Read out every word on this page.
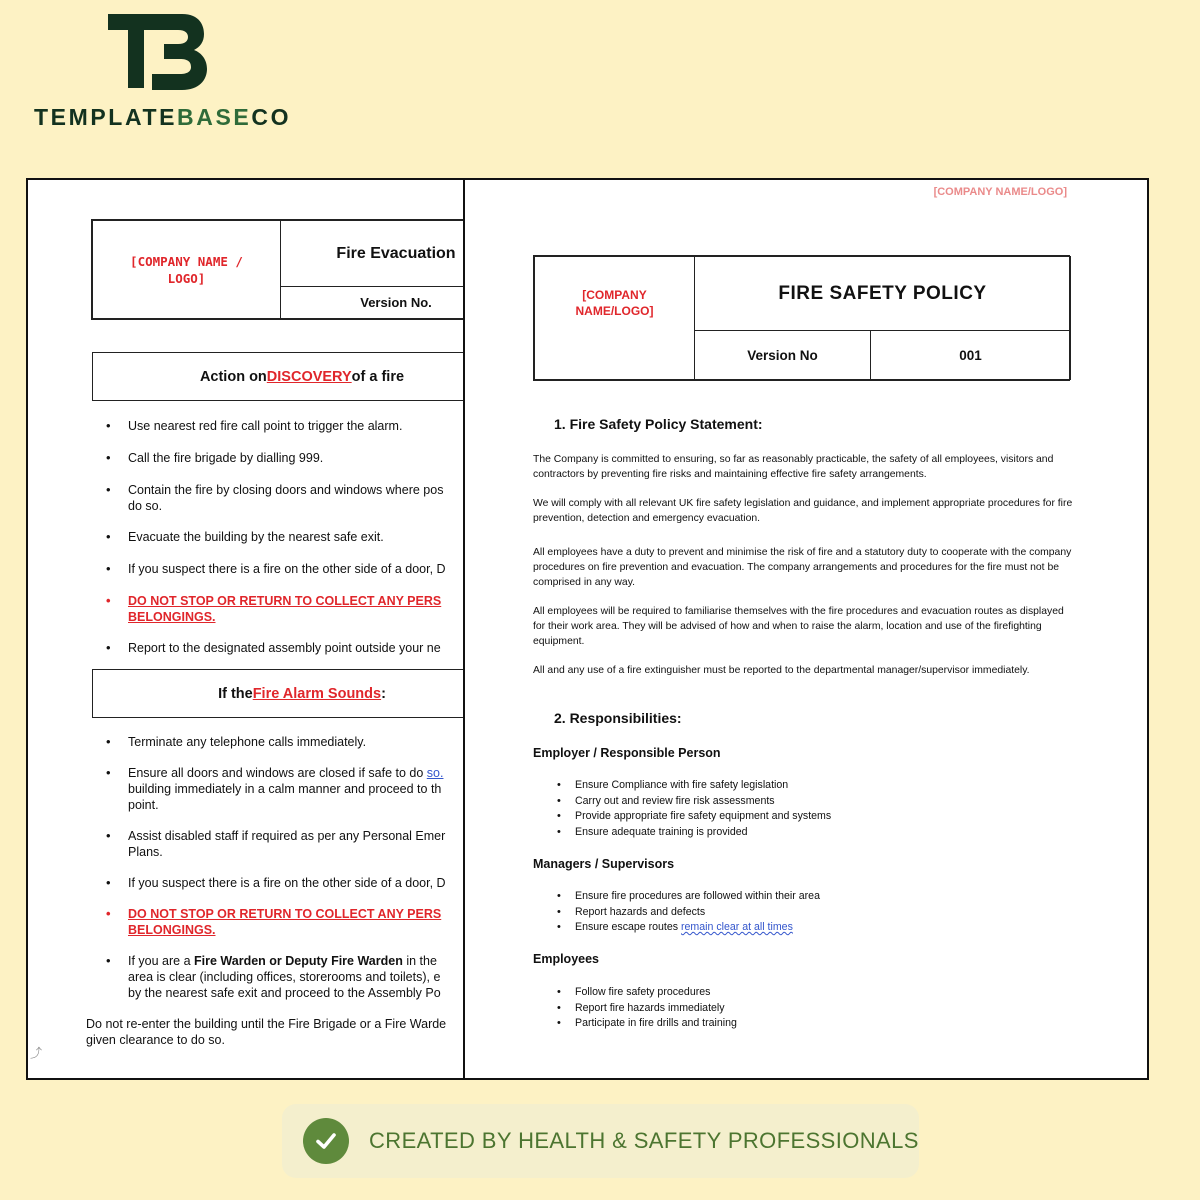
TEMPLATEBASECO
[COMPANY NAME / LOGO]
Fire Evacuation
Version No.
Action on DISCOVERY of a fire
• Use nearest red fire call point to trigger the alarm.
• Call the fire brigade by dialling 999.
• Contain the fire by closing doors and windows where pos do so.
• Evacuate the building by the nearest safe exit.
• If you suspect there is a fire on the other side of a door, D
• DO NOT STOP OR RETURN TO COLLECT ANY PERS BELONGINGS.
• Report to the designated assembly point outside your ne
If the Fire Alarm Sounds :
• Terminate any telephone calls immediately.
• Ensure all doors and windows are closed if safe to do so. building immediately in a calm manner and proceed to th point.
• Assist disabled staff if required as per any Personal Emer Plans.
• If you suspect there is a fire on the other side of a door, D
• DO NOT STOP OR RETURN TO COLLECT ANY PERS BELONGINGS.
• If you are a Fire Warden or Deputy Fire Warden in the area is clear (including offices, storerooms and toilets), e by the nearest safe exit and proceed to the Assembly Po
Do not re-enter the building until the Fire Brigade or a Fire Warde given clearance to do so.
⤴
[COMPANY NAME/LOGO]
[COMPANY NAME/LOGO]
FIRE SAFETY POLICY
Version No	001
1. Fire Safety Policy Statement:

The Company is committed to ensuring, so far as reasonably practicable, the safety of all employees, visitors and contractors by preventing fire risks and maintaining effective fire safety arrangements.

We will comply with all relevant UK fire safety legislation and guidance, and implement appropriate procedures for fire prevention, detection and emergency evacuation.

All employees have a duty to prevent and minimise the risk of fire and a statutory duty to cooperate with the company procedures on fire prevention and evacuation. The company arrangements and procedures for the fire must not be comprised in any way.

All employees will be required to familiarise themselves with the fire procedures and evacuation routes as displayed for their work area. They will be advised of how and when to raise the alarm, location and use of the firefighting equipment.

All and any use of a fire extinguisher must be reported to the departmental manager/supervisor immediately.

2. Responsibilities:
Employer / Responsible Person
• Ensure Compliance with fire safety legislation
• Carry out and review fire risk assessments
• Provide appropriate fire safety equipment and systems
• Ensure adequate training is provided
Managers / Supervisors
• Ensure fire procedures are followed within their area
• Report hazards and defects
• Ensure escape routes remain clear at all times
Employees
• Follow fire safety procedures
• Report fire hazards immediately
• Participate in fire drills and training
CREATED BY HEALTH & SAFETY PROFESSIONALS
